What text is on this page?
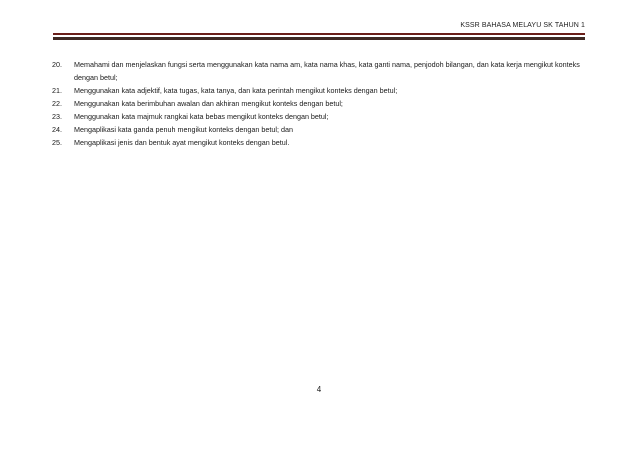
KSSR BAHASA MELAYU SK TAHUN 1
20.	Memahami dan menjelaskan fungsi serta menggunakan kata nama am, kata nama khas, kata ganti nama, penjodoh bilangan, dan kata kerja mengikut konteks dengan betul;
21.	Menggunakan kata adjektif, kata tugas, kata tanya, dan kata perintah mengikut konteks dengan betul;
22.	Menggunakan kata berimbuhan awalan dan akhiran mengikut konteks dengan betul;
23.	Menggunakan kata majmuk rangkai kata bebas mengikut konteks dengan betul;
24.	Mengaplikasi kata ganda penuh mengikut konteks dengan betul; dan
25.	Mengaplikasi jenis dan bentuk ayat mengikut konteks dengan betul.
4
